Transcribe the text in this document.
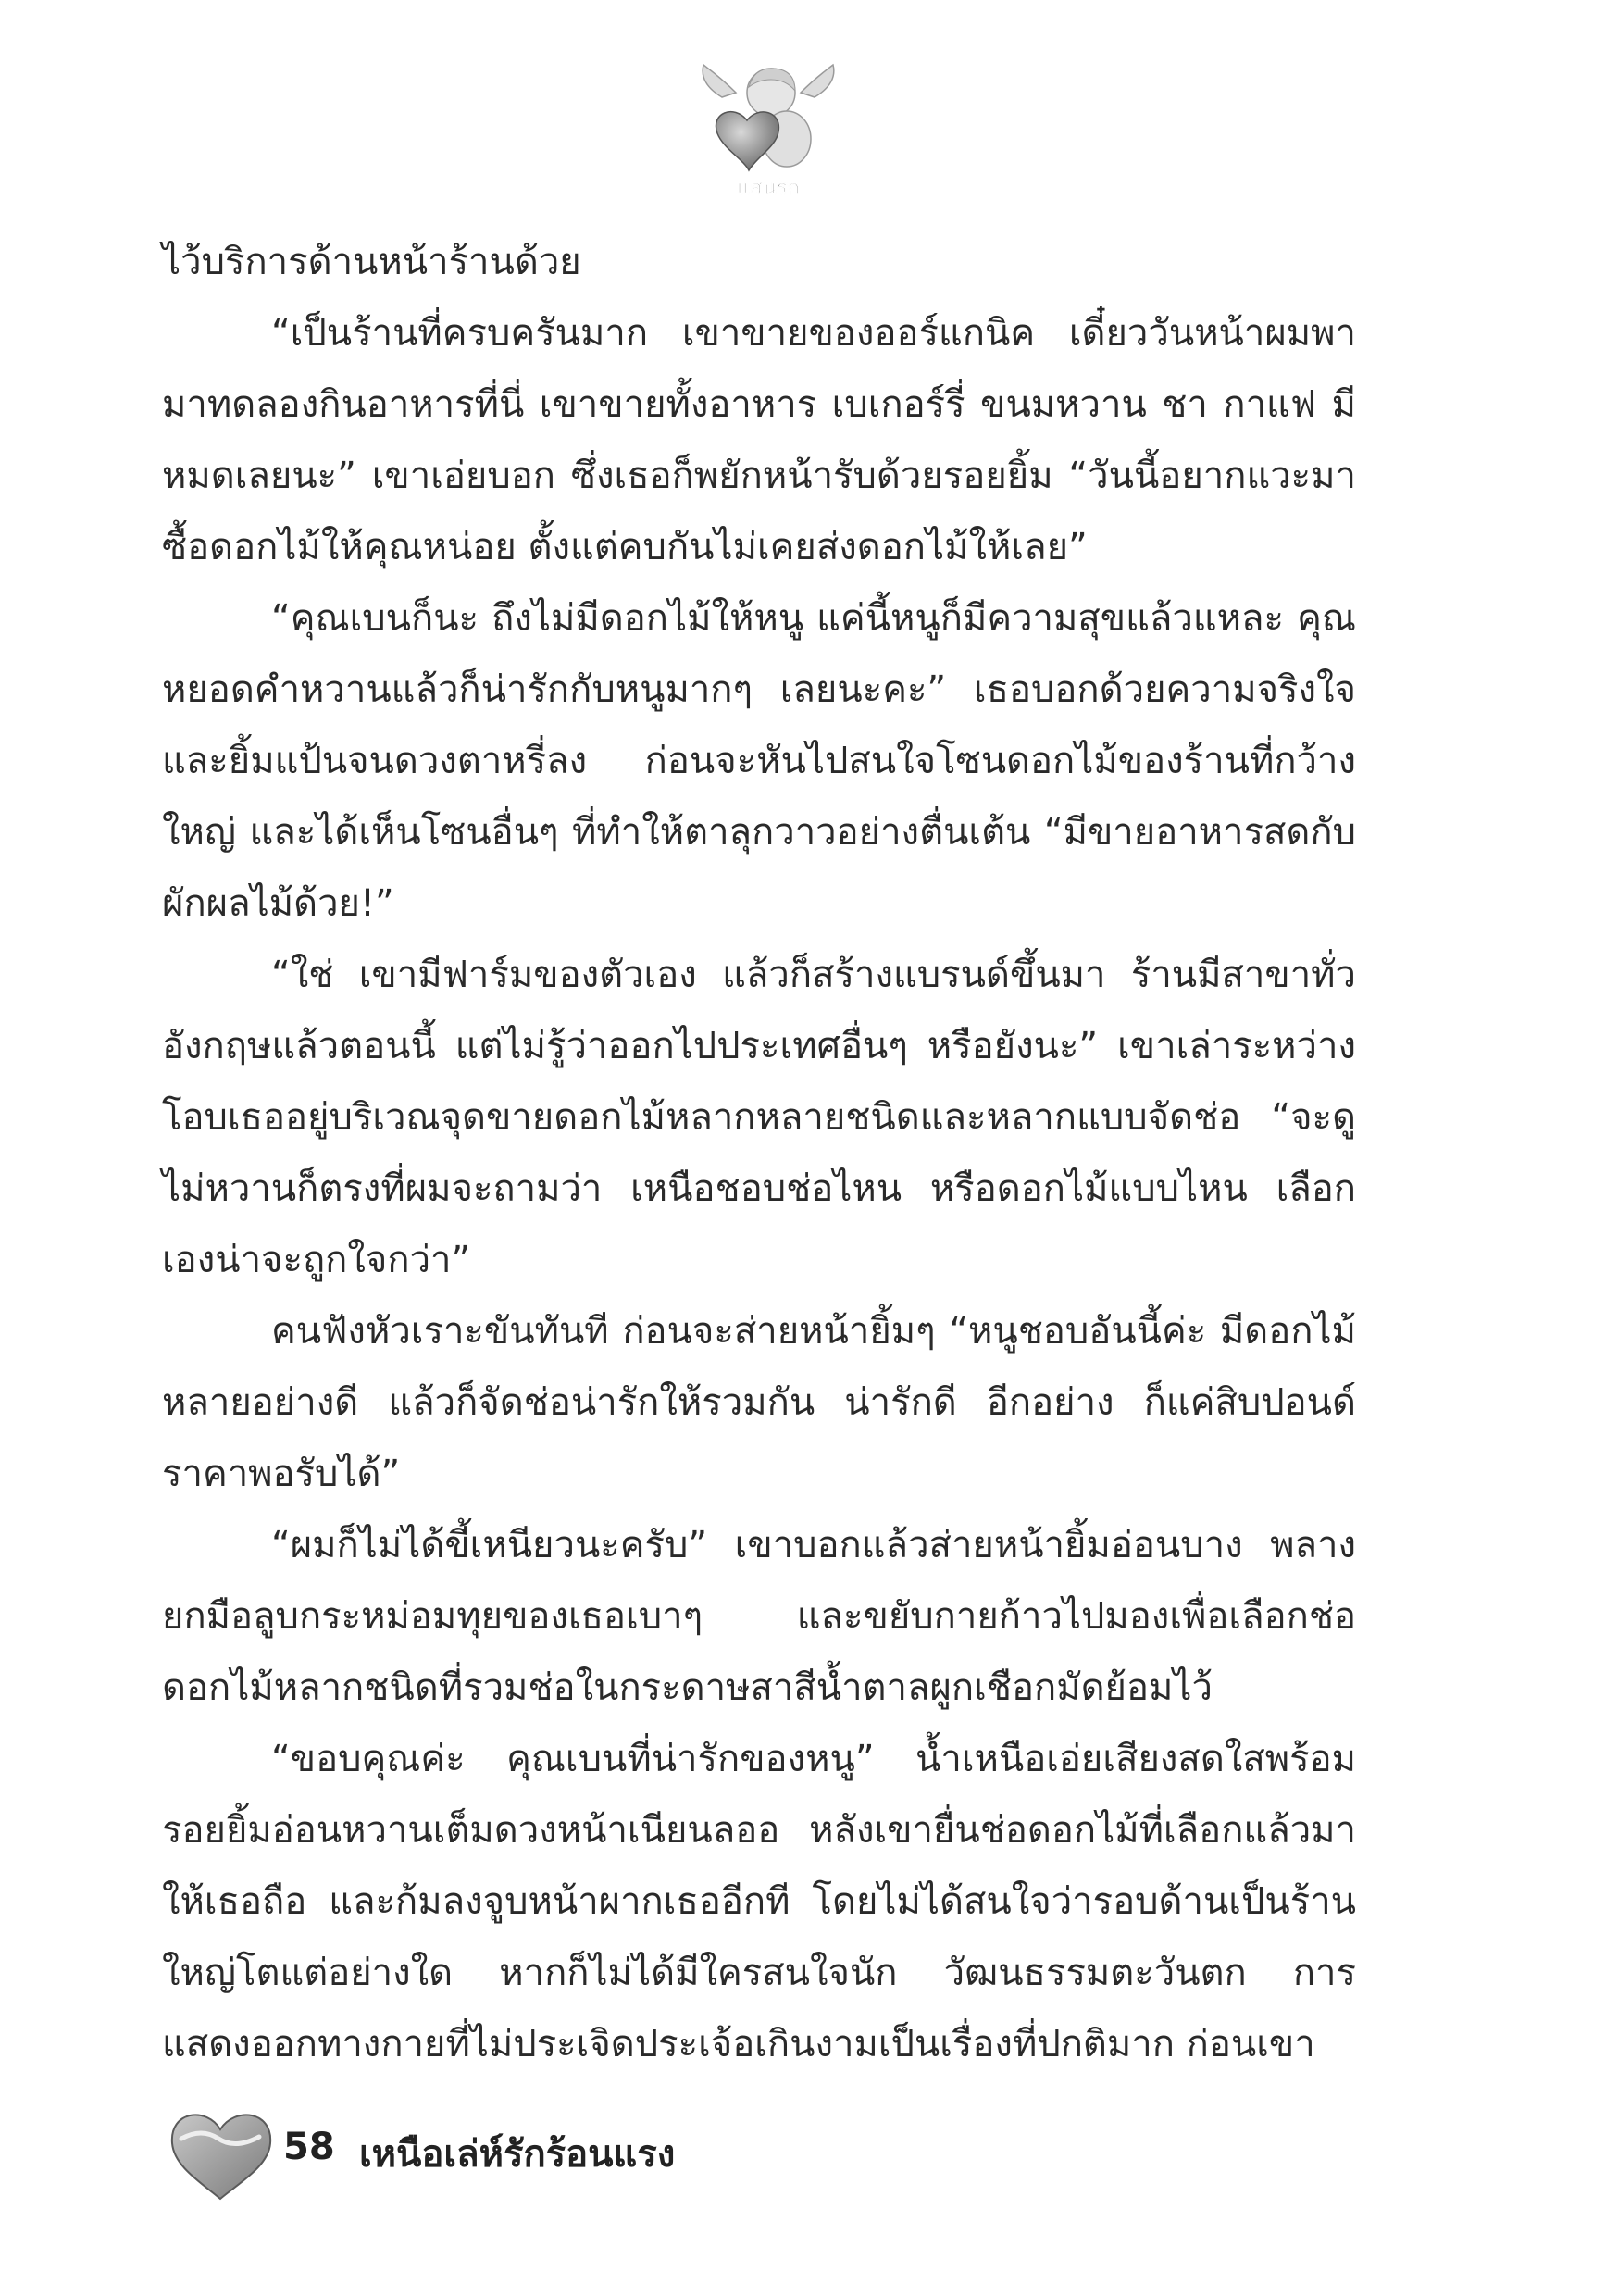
แสนรัก

ไว้บริการด้านหน้าร้านด้วย

“เป็นร้านที่ครบครันมาก เขาขายของออร์แกนิค เดี๋ยววันหน้าผมพามาทดลองกินอาหารที่นี่ เขาขายทั้งอาหาร เบเกอร์รี่ ขนมหวาน ชา กาแฟ มีหมดเลยนะ” เขาเอ่ยบอก ซึ่งเธอก็พยักหน้ารับด้วยรอยยิ้ม “วันนี้อยากแวะมาซื้อดอกไม้ให้คุณหน่อย ตั้งแต่คบกันไม่เคยส่งดอกไม้ให้เลย”

“คุณเบนก็นะ ถึงไม่มีดอกไม้ให้หนู แค่นี้หนูก็มีความสุขแล้วแหละ คุณหยอดคำหวานแล้วก็น่ารักกับหนูมากๆ เลยนะคะ” เธอบอกด้วยความจริงใจและยิ้มแป้นจนดวงตาหรี่ลง ก่อนจะหันไปสนใจโซนดอกไม้ของร้านที่กว้างใหญ่ และได้เห็นโซนอื่นๆ ที่ทำให้ตาลุกวาวอย่างตื่นเต้น “มีขายอาหารสดกับผักผลไม้ด้วย!”

“ใช่ เขามีฟาร์มของตัวเอง แล้วก็สร้างแบรนด์ขึ้นมา ร้านมีสาขาทั่วอังกฤษแล้วตอนนี้ แต่ไม่รู้ว่าออกไปประเทศอื่นๆ หรือยังนะ” เขาเล่าระหว่างโอบเธออยู่บริเวณจุดขายดอกไม้หลากหลายชนิดและหลากแบบจัดช่อ “จะดูไม่หวานก็ตรงที่ผมจะถามว่า เหนือชอบช่อไหน หรือดอกไม้แบบไหน เลือกเองน่าจะถูกใจกว่า”

คนฟังหัวเราะขันทันที ก่อนจะส่ายหน้ายิ้มๆ “หนูชอบอันนี้ค่ะ มีดอกไม้หลายอย่างดี แล้วก็จัดช่อน่ารักให้รวมกัน น่ารักดี อีกอย่าง ก็แค่สิบปอนด์ ราคาพอรับได้”

“ผมก็ไม่ได้ขี้เหนียวนะครับ” เขาบอกแล้วส่ายหน้ายิ้มอ่อนบาง พลางยกมือลูบกระหม่อมทุยของเธอเบาๆ และขยับกายก้าวไปมองเพื่อเลือกช่อดอกไม้หลากชนิดที่รวมช่อในกระดาษสาสีน้ำตาลผูกเชือกมัดย้อมไว้

“ขอบคุณค่ะ คุณเบนที่น่ารักของหนู” น้ำเหนือเอ่ยเสียงสดใสพร้อมรอยยิ้มอ่อนหวานเต็มดวงหน้าเนียนลออ หลังเขายื่นช่อดอกไม้ที่เลือกแล้วมาให้เธอถือ และก้มลงจูบหน้าผากเธออีกที โดยไม่ได้สนใจว่ารอบด้านเป็นร้านใหญ่โตแต่อย่างใด หากก็ไม่ได้มีใครสนใจนัก วัฒนธรรมตะวันตก การแสดงออกทางกายที่ไม่ประเจิดประเจ้อเกินงามเป็นเรื่องที่ปกติมาก ก่อนเขา

58 เหนือเล่ห์รักร้อนแรง
